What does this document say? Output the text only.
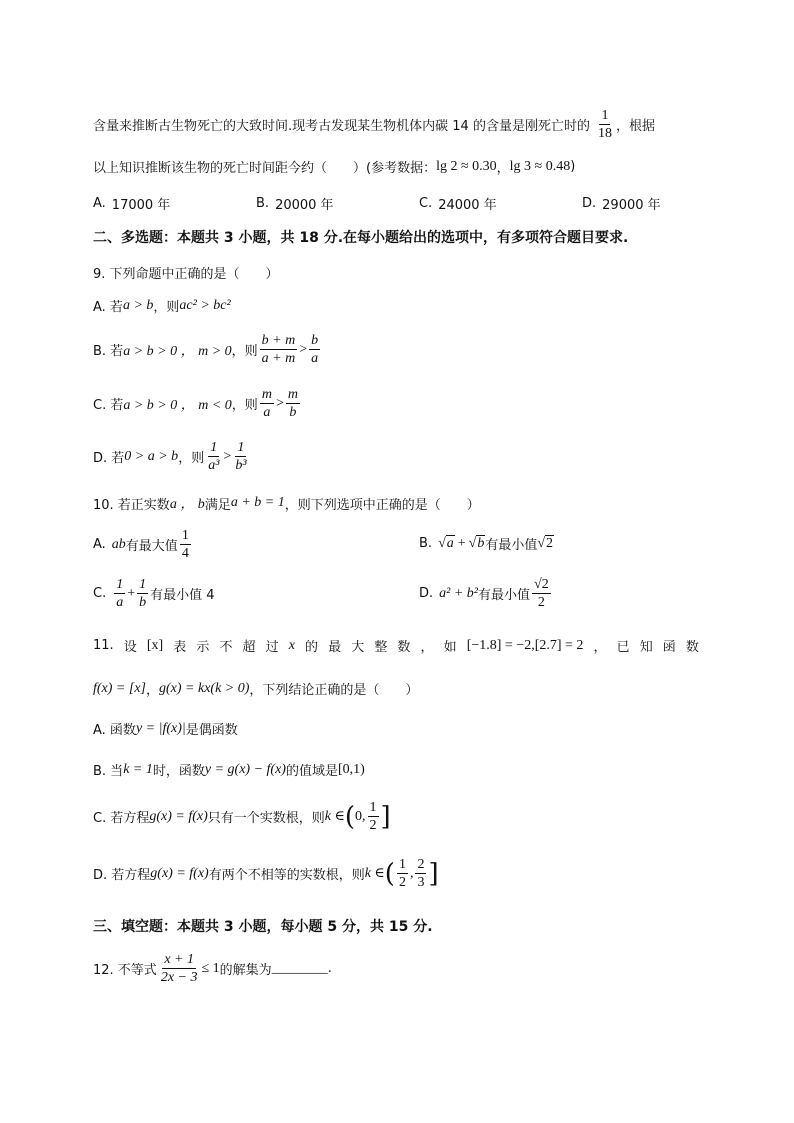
含量来推断古生物死亡的大致时间.现考古发现某生物机体内碳 14 的含量是刚死亡时的 $\frac{1}{18}$ ，根据
以上知识推断该生物的死亡时间距今约（　　）(参考数据： lg 2 ≈ 0.30 ， lg 3 ≈ 0.48 )
A. 17000 年	B. 20000 年	C. 24000 年	D. 29000 年
二、多选题：本题共 3 小题，共 18 分.在每小题给出的选项中，有多项符合题目要求.
9. 下列命题中正确的是（　　）
A. 若 a > b ，则 ac² > bc²
B. 若 a > b > 0 ， m > 0 ，则 $\frac{b + m}{a + m} > \frac{b}{a}$
C. 若 a > b > 0 ， m < 0 ，则 $\frac{m}{a} > \frac{m}{b}$
D. 若 0 > a > b ，则 $\frac{1}{\text{a³}} > \frac{1}{\text{b³}}$
10. 若正实数 a ， b 满足 a + b = 1 ，则下列选项中正确的是（　　）
A. ab 有最大值 $\frac{1}{4}$	B. √ a + √ b 有最小值 √ 2
C. $\frac{1}{a} + \frac{1}{b}$ 有最小值 4	D. a² + b² 有最小值 $\frac{√2}{2}$
11. 设 [x] 表 示 不 超 过 x 的 最 大 整 数 ， 如 [−1.8] = −2,[2.7] = 2 ， 已 知 函 数
f(x) = [x] ， g(x) = kx(k > 0) ，下列结论正确的是（　　）
A. 函数 y = |f(x)| 是偶函数
B. 当 k = 1 时，函数 y = g(x) − f(x) 的值域是 [0,1)
C. 若方程 g(x) = f(x) 只有一个实数根，则 k ∈ ( 0, $\frac{1}{2}$ ]
D. 若方程 g(x) = f(x) 有两个不相等的实数根，则 k ∈ ( $\frac{1}{2}$ , $\frac{2}{3}$ ]
三、填空题：本题共 3 小题，每小题 5 分，共 15 分.
12. 不等式 $\frac{x + 1}{2x - 3} \le 1$ 的解集为 ________ .
